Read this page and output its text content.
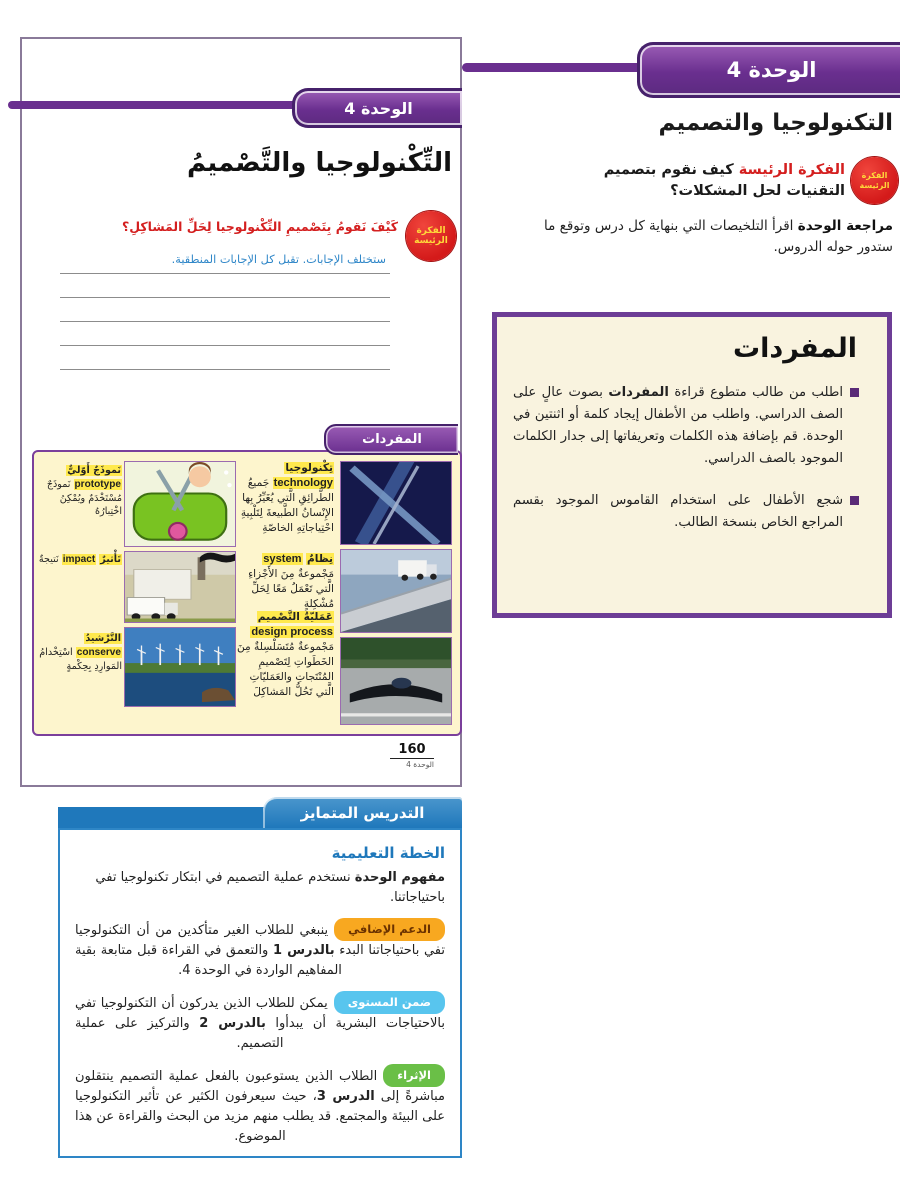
الوحدة 4
التكنولوجيا والتصميم
الفكرة
الرئيسة
الفكرة الرئيسة كيف نقوم بتصميم التقنيات لحل المشكلات؟
مراجعة الوحدة اقرأ التلخيصات التي بنهاية كل درس وتوقع ما ستدور حوله الدروس.
المفردات
اطلب من طالب متطوع قراءة المفردات بصوت عالٍ على الصف الدراسي. واطلب من الأطفال إيجاد كلمة أو اثنتين في الوحدة. قم بإضافة هذه الكلمات وتعريفاتها إلى جدار الكلمات الموجود بالصف الدراسي.
شجع الأطفال على استخدام القاموس الموجود بقسم المراجع الخاص بنسخة الطالب.
الوحدة 4
التِّكْنولوجيا والتَّصْميمُ
الفكرة
الرئيسة
كَيْفَ نَقومُ بِتَصْميمِ التِّكْنولوجيا لِحَلِّ المَشاكِلِ؟
ستختلف الإجابات. تقبل كل الإجابات المنطقية.
المفردات
تِكْنولوجيا technology جَميعُ الطَّرائِقِ الَّتي يُغَيِّرُ بِها الإِنْسانُ الطَّبيعةَ لِتَلْبِيةِ احْتِياجاتِهِ الخاصّةِ
نِظامٌ system مَجْموعةٌ مِنَ الأَجْزاءِ الَّتي تَعْمَلُ مَعًا لِحَلِّ مُشْكِلةٍ
عَمَليّةُ التَّصْميم design process مَجْموعةٌ مُتَسَلْسِلةٌ مِنَ الخَطَواتِ لِتَصْميمِ المُنْتَجاتِ والعَمَليّاتِ الَّتي تَحُلُّ المَشاكِلَ
نَموذَجٌ أَوّليٌّ prototype نَموذَجٌ مُسْتَخْدَمٌ ويُمْكِنُ اخْتِبارُهُ
تَأْثيرٌ impact نَتيجةٌ
التَّرْشيدُ conserve اسْتِخْدامُ المَوارِدِ بِحِكْمةٍ
160
الوحدة 4
التدريس المتمايز
الخطة التعليمية

مفهوم الوحدة نستخدم عملية التصميم في ابتكار تكنولوجيا تفي باحتياجاتنا.

الدعم الإضافيينبغي للطلاب الغير متأكدين من أن التكنولوجيا تفي باحتياجاتنا البدء بالدرس 1 والتعمق في القراءة قبل متابعة بقية المفاهيم الواردة في الوحدة 4.

ضمن المستوىيمكن للطلاب الذين يدركون أن التكنولوجيا تفي بالاحتياجات البشرية أن يبدأوا بالدرس 2 والتركيز على عملية التصميم.

الإثراءالطلاب الذين يستوعبون بالفعل عملية التصميم ينتقلون مباشرةً إلى الدرس 3، حيث سيعرفون الكثير عن تأثير التكنولوجيا على البيئة والمجتمع. قد يطلب منهم مزيد من البحث والقراءة عن هذا الموضوع.
